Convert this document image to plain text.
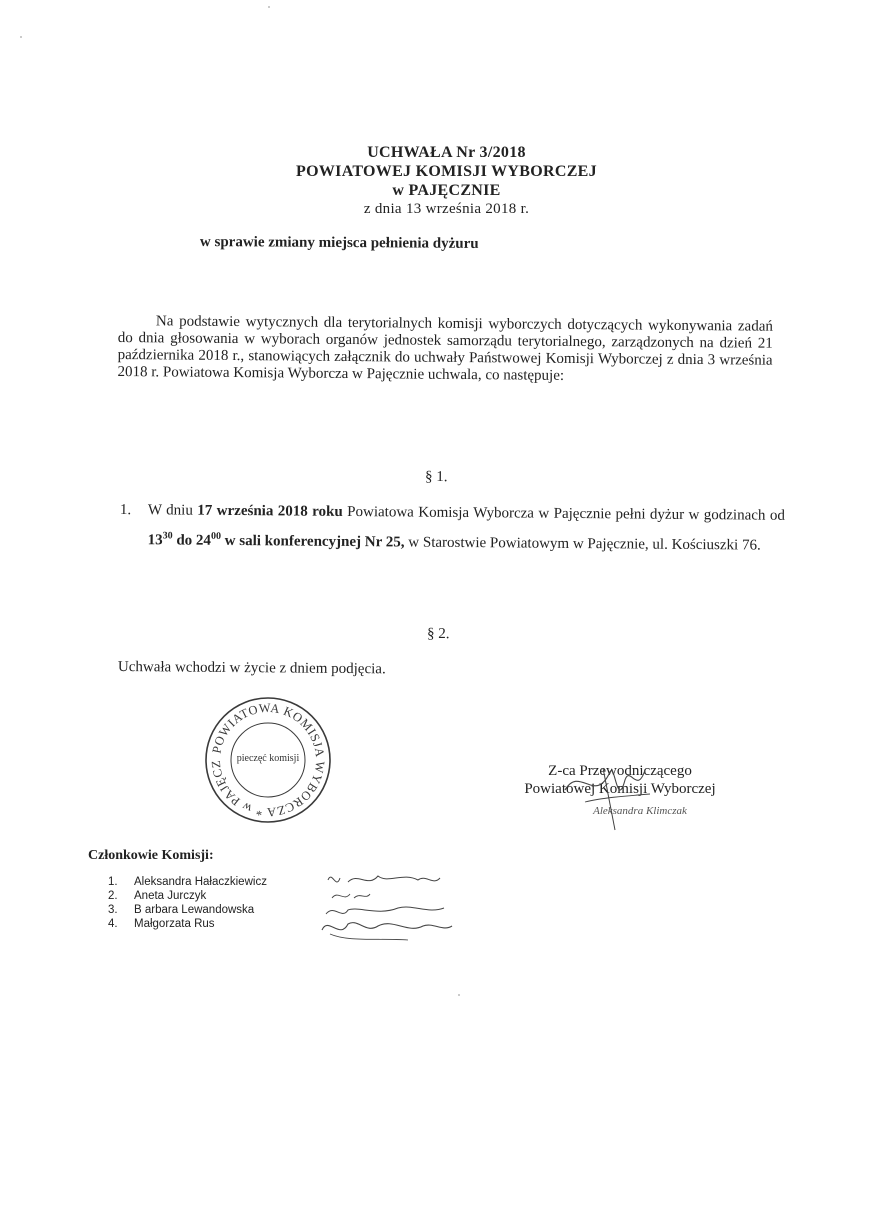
UCHWAŁA Nr 3/2018
POWIATOWEJ KOMISJI WYBORCZEJ
w PAJĘCZNIE
z dnia 13 września 2018 r.
w sprawie zmiany miejsca pełnienia dyżuru

Na podstawie wytycznych dla terytorialnych komisji wyborczych dotyczących wykonywania zadań do dnia głosowania w wyborach organów jednostek samorządu terytorialnego, zarządzonych na dzień 21 października 2018 r., stanowiących załącznik do uchwały Państwowej Komisji Wyborczej z dnia 3 września 2018 r. Powiatowa Komisja Wyborcza w Pajęcznie uchwala, co następuje:

§ 1.
1. W dniu 17 września 2018 roku Powiatowa Komisja Wyborcza w Pajęcznie pełni dyżur w godzinach od $13^{30}$ do $24^{00}$ w sali konferencyjnej Nr 25, w Starostwie Powiatowym w Pajęcznie, ul. Kościuszki 76.
§ 2.
Uchwała wchodzi w życie z dniem podjęcia.
POWIATOWA KOMISJA WYBORCZA * w PAJĘCZ	pieczęć komisji
Z-ca Przewodniczącego
Powiatowej Komisji Wyborczej
Aleksandra Klimczak
Członkowie Komisji:
1. Aleksandra Hałaczkiewicz
2. Aneta Jurczyk
3. B arbara Lewandowska
4. Małgorzata Rus
